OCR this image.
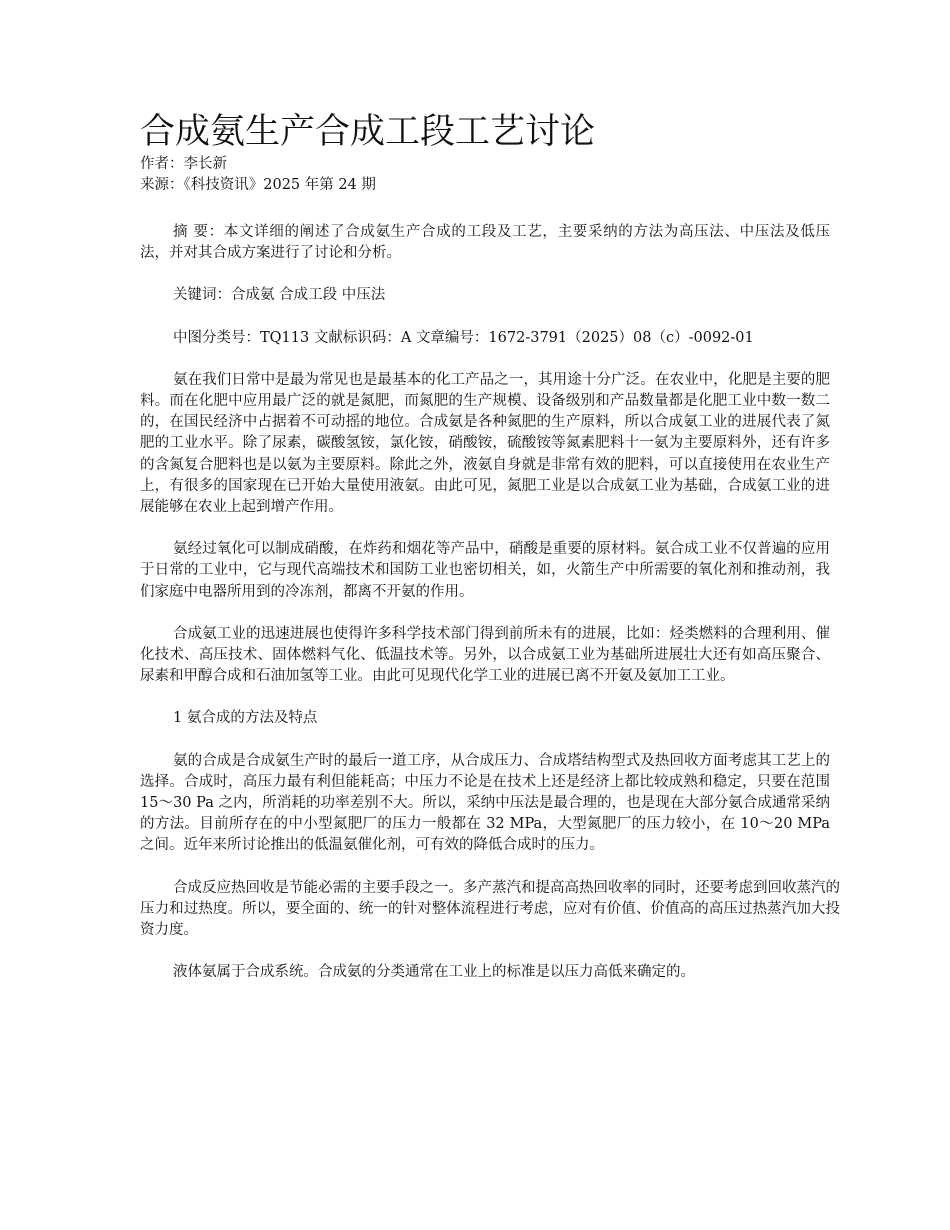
合成氨生产合成工段工艺讨论

作者：李长新

来源：《科技资讯》2025 年第 24 期

摘 要：本文详细的阐述了合成氨生产合成的工段及工艺，主要采纳的方法为高压法、中压法及低压法，并对其合成方案进行了讨论和分析。

关键词：合成氨 合成工段 中压法

中图分类号：TQ113 文献标识码：A 文章编号：1672-3791（2025）08（c）-0092-01

氨在我们日常中是最为常见也是最基本的化工产品之一，其用途十分广泛。在农业中，化肥是主要的肥料。而在化肥中应用最广泛的就是氮肥，而氮肥的生产规模、设备级别和产品数量都是化肥工业中数一数二的，在国民经济中占据着不可动摇的地位。合成氨是各种氮肥的生产原料，所以合成氨工业的进展代表了氮肥的工业水平。除了尿素，碳酸氢铵，氯化铵，硝酸铵，硫酸铵等氮素肥料十一氨为主要原料外，还有许多的含氮复合肥料也是以氨为主要原料。除此之外，液氨自身就是非常有效的肥料，可以直接使用在农业生产上，有很多的国家现在已开始大量使用液氨。由此可见，氮肥工业是以合成氨工业为基础，合成氨工业的进展能够在农业上起到增产作用。

氨经过氧化可以制成硝酸，在炸药和烟花等产品中，硝酸是重要的原材料。氨合成工业不仅普遍的应用于日常的工业中，它与现代高端技术和国防工业也密切相关，如，火箭生产中所需要的氧化剂和推动剂，我们家庭中电器所用到的冷冻剂，都离不开氨的作用。

合成氨工业的迅速进展也使得许多科学技术部门得到前所未有的进展，比如：烃类燃料的合理利用、催化技术、高压技术、固体燃料气化、低温技术等。另外，以合成氨工业为基础所进展壮大还有如高压聚合、尿素和甲醇合成和石油加氢等工业。由此可见现代化学工业的进展已离不开氨及氨加工工业。

1 氨合成的方法及特点

氨的合成是合成氨生产时的最后一道工序，从合成压力、合成塔结构型式及热回收方面考虑其工艺上的选择。合成时，高压力最有利但能耗高；中压力不论是在技术上还是经济上都比较成熟和稳定，只要在范围 15～30 Pa 之内，所消耗的功率差别不大。所以，采纳中压法是最合理的，也是现在大部分氨合成通常采纳的方法。目前所存在的中小型氮肥厂的压力一般都在 32 MPa，大型氮肥厂的压力较小，在 10～20 MPa 之间。近年来所讨论推出的低温氨催化剂，可有效的降低合成时的压力。

合成反应热回收是节能必需的主要手段之一。多产蒸汽和提高高热回收率的同时，还要考虑到回收蒸汽的压力和过热度。所以，要全面的、统一的针对整体流程进行考虑，应对有价值、价值高的高压过热蒸汽加大投资力度。

液体氨属于合成系统。合成氨的分类通常在工业上的标准是以压力高低来确定的。
